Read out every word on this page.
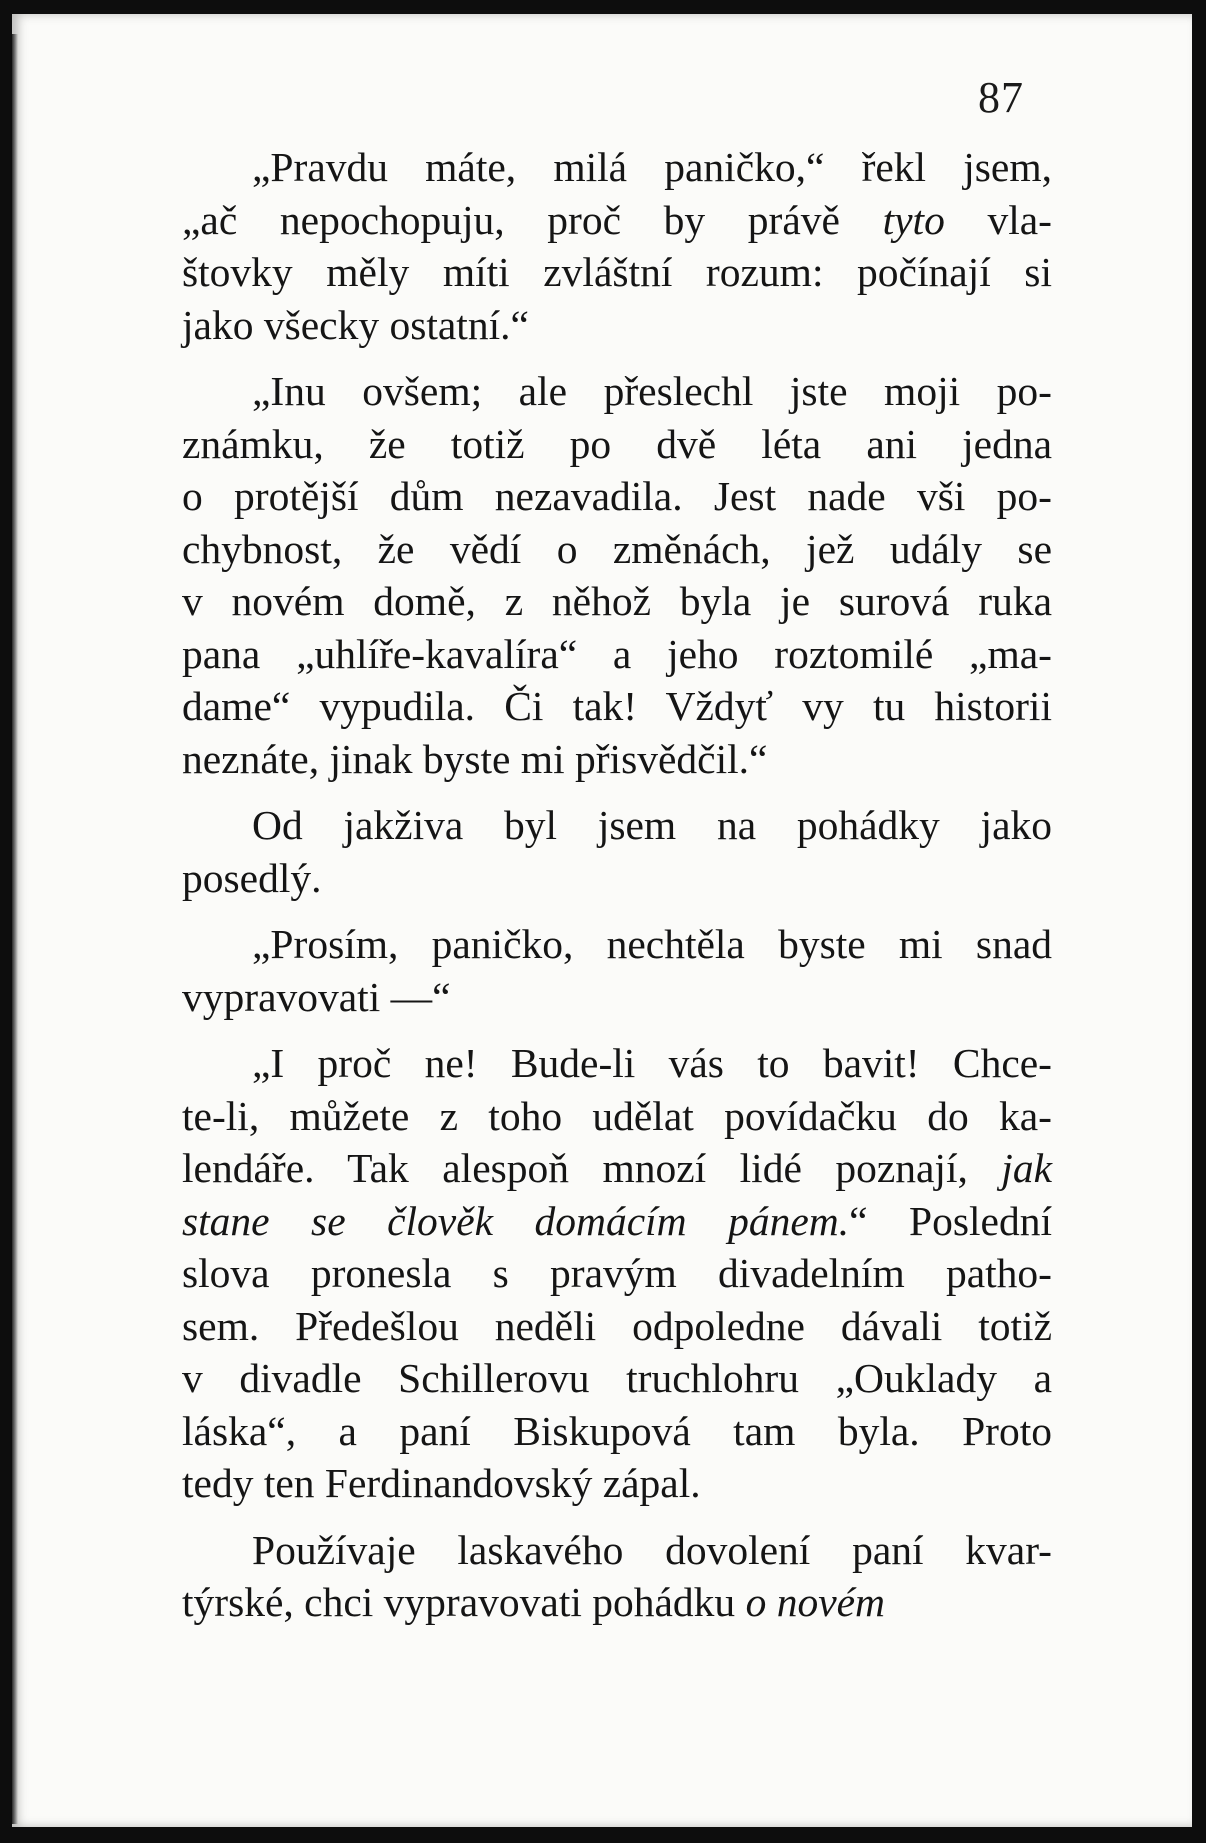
87
„Pravdu máte, milá paničko,“ řekl jsem,
„ač nepochopuju, proč by právě tyto vla-
štovky měly míti zvláštní rozum: počínají si
jako všecky ostatní.“
„Inu ovšem; ale přeslechl jste moji po-
známku, že totiž po dvě léta ani jedna
o protější dům nezavadila. Jest nade vši po-
chybnost, že vědí o změnách, jež udály se
v novém domě, z něhož byla je surová ruka
pana „uhlíře-kavalíra“ a jeho roztomilé „ma-
dame“ vypudila. Či tak! Vždyť vy tu historii
neznáte, jinak byste mi přisvědčil.“
Od jakživa byl jsem na pohádky jako
posedlý.
„Prosím, paničko, nechtěla byste mi snad
vypravovati —“
„I proč ne! Bude-li vás to bavit! Chce-
te-li, můžete z toho udělat povídačku do ka-
lendáře. Tak alespoň mnozí lidé poznají, jak
stane se člověk domácím pánem.“ Poslední
slova pronesla s pravým divadelním patho-
sem. Předešlou neděli odpoledne dávali totiž
v divadle Schillerovu truchlohru „Ouklady a
láska“, a paní Biskupová tam byla. Proto
tedy ten Ferdinandovský zápal.
Používaje laskavého dovolení paní kvar-
týrské, chci vypravovati pohádku o novém
